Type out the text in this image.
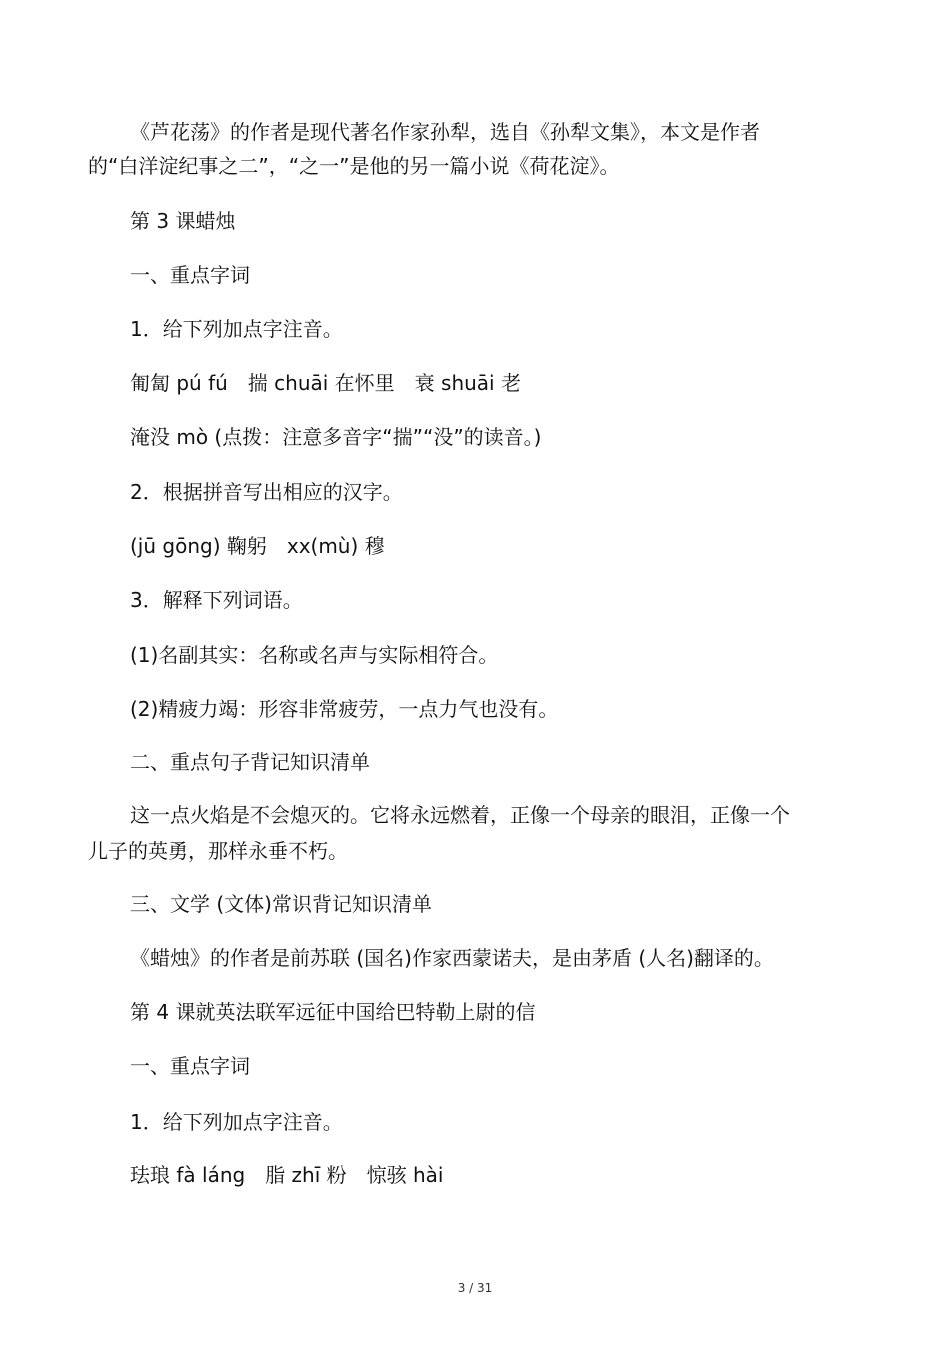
《芦花荡》的作者是现代著名作家孙犁，选自《孙犁文集》，本文是作者
的“白洋淀纪事之二”，“之一”是他的另一篇小说《荷花淀》。
第 3 课蜡烛
一、重点字词
1．给下列加点字注音。
匍匐 pú fú　揣 chuāi 在怀里　衰 shuāi 老
淹没 mò (点拨：注意多音字“揣”“没”的读音。)
2．根据拼音写出相应的汉字。
(jū gōng) 鞠躬　xx(mù) 穆
3．解释下列词语。
(1)名副其实：名称或名声与实际相符合。
(2)精疲力竭：形容非常疲劳，一点力气也没有。
二、重点句子背记知识清单
这一点火焰是不会熄灭的。它将永远燃着，正像一个母亲的眼泪，正像一个
儿子的英勇，那样永垂不朽。
三、文学 (文体)常识背记知识清单
《蜡烛》的作者是前苏联 (国名)作家西蒙诺夫，是由茅盾 (人名)翻译的。
第 4 课就英法联军远征中国给巴特勒上尉的信
一、重点字词
1．给下列加点字注音。
珐琅 fà láng　脂 zhī 粉　惊骇 hài
3 / 31
